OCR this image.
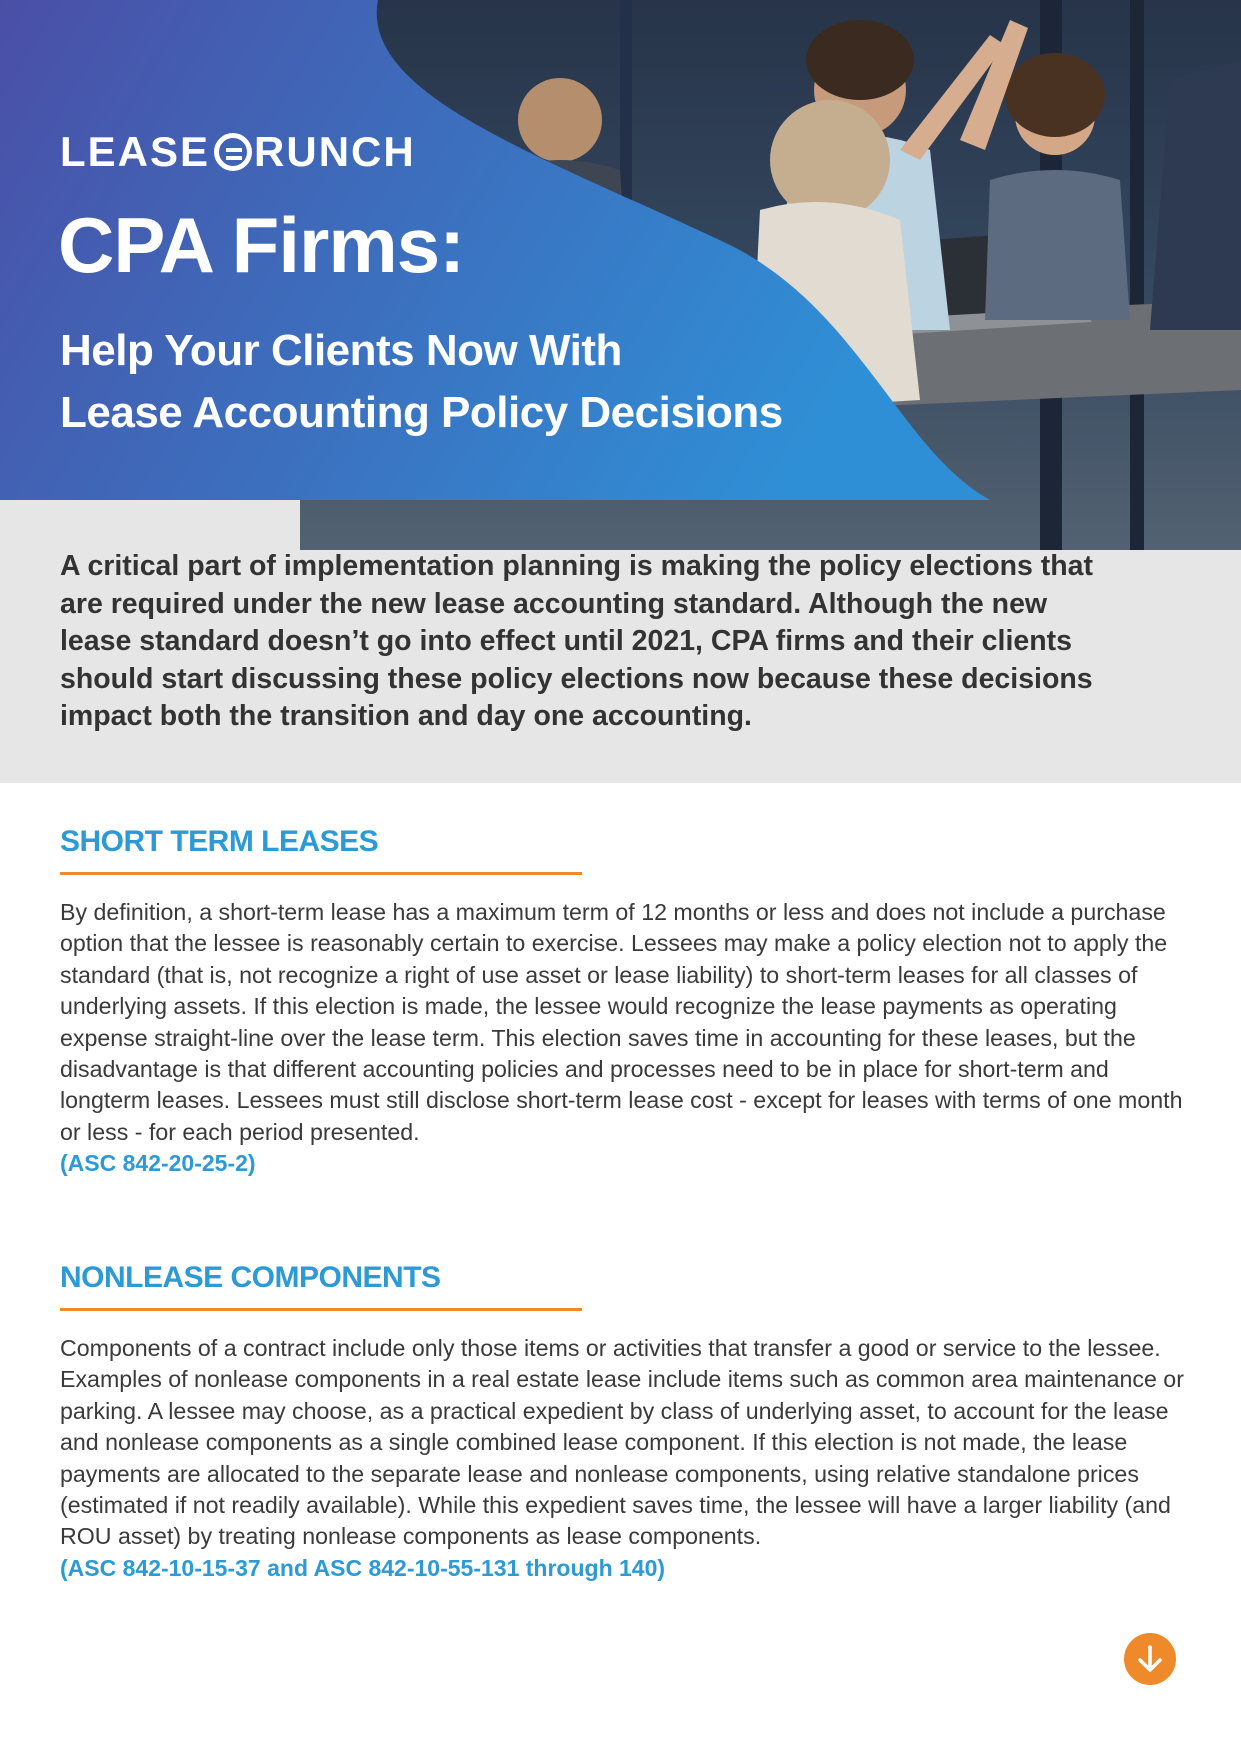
LEASE RUNCH
CPA Firms:
Help Your Clients Now With
Lease Accounting Policy Decisions

A critical part of implementation planning is making the policy elections that are required under the new lease accounting standard. Although the new lease standard doesn’t go into effect until 2021, CPA firms and their clients should start discussing these policy elections now because these decisions impact both the transition and day one accounting.

SHORT TERM LEASES

By definition, a short-term lease has a maximum term of 12 months or less and does not include a purchase option that the lessee is reasonably certain to exercise. Lessees may make a policy election not to apply the standard (that is, not recognize a right of use asset or lease liability) to short-term leases for all classes of underlying assets. If this election is made, the lessee would recognize the lease payments as operating expense straight-line over the lease term. This election saves time in accounting for these leases, but the disadvantage is that different accounting policies and processes need to be in place for short-term and longterm leases. Lessees must still disclose short-term lease cost - except for leases with terms of one month or less - for each period presented.

(ASC 842-20-25-2)
NONLEASE COMPONENTS

Components of a contract include only those items or activities that transfer a good or service to the lessee. Examples of nonlease components in a real estate lease include items such as common area maintenance or parking. A lessee may choose, as a practical expedient by class of underlying asset, to account for the lease and nonlease components as a single combined lease component. If this election is not made, the lease payments are allocated to the separate lease and nonlease components, using relative standalone prices (estimated if not readily available). While this expedient saves time, the lessee will have a larger liability (and ROU asset) by treating nonlease components as lease components.

(ASC 842-10-15-37 and ASC 842-10-55-131 through 140)
